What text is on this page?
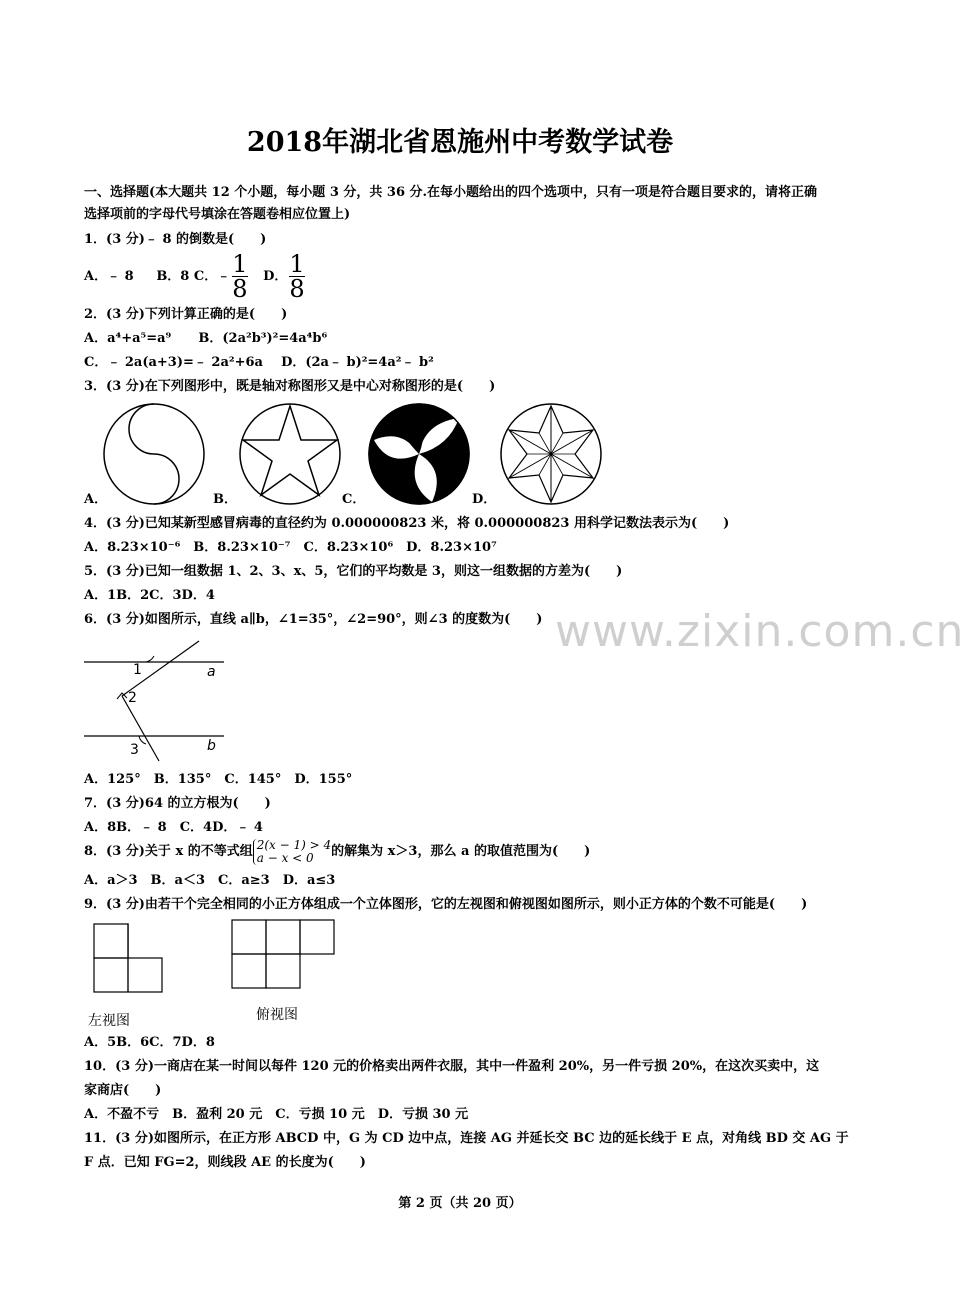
2018年湖北省恩施州中考数学试卷
一、选择题(本大题共 12 个小题，每小题 3 分，共 36 分.在每小题给出的四个选项中，只有一项是符合题目要求的，请将正确
选择项前的字母代号填涂在答题卷相应位置上)
1．(3 分)﹣ 8 的倒数是(　　)
A．﹣ 8 B．8 C．$﹣\frac{1}{8}$ D．$\frac{1}{8}$
2．(3 分)下列计算正确的是(　　)
A．a⁴+a⁵=a⁹ B．(2a²b³)²=4a⁴b⁶
C．﹣ 2a(a+3)=﹣ 2a²+6a D．(2a﹣ b)²=4a²﹣ b²
3．(3 分)在下列图形中，既是轴对称图形又是中心对称图形的是(　　)
A．	B．	C．	D．
4．(3 分)已知某新型感冒病毒的直径约为 0.000000823 米，将 0.000000823 用科学记数法表示为(　　)
A．8.23×10⁻⁶　B．8.23×10⁻⁷　C．8.23×10⁶　D．8.23×10⁷
5．(3 分)已知一组数据 1、2、3、x、5，它们的平均数是 3，则这一组数据的方差为(　　)
A．1B．2C．3D．4
6．(3 分)如图所示，直线 a∥b，∠1=35°，∠2=90°，则∠3 的度数为(　　)
1	a
2
3	b
A．125°　B．135°　C．145°　D．155°
www.zixin.com.cn
7．(3 分)64 的立方根为(　　)
A．8B．﹣ 8　C．4D．﹣ 4
8．(3 分)关于 x 的不等式组 2(x − 1) > 4
a − x < 0 的解集为 x＞3，那么 a 的取值范围为(　　)
A．a＞3　B．a＜3　C．a≥3　D．a≤3
9．(3 分)由若干个完全相同的小正方体组成一个立体图形，它的左视图和俯视图如图所示，则小正方体的个数不可能是(　　)
左视图	俯视图
A．5B．6C．7D．8
10．(3 分)一商店在某一时间以每件 120 元的价格卖出两件衣服，其中一件盈利 20%，另一件亏损 20%，在这次买卖中，这
家商店(　　)
A．不盈不亏　B．盈利 20 元　C．亏损 10 元　D．亏损 30 元
11．(3 分)如图所示，在正方形 ABCD 中，G 为 CD 边中点，连接 AG 并延长交 BC 边的延长线于 E 点，对角线 BD 交 AG 于
F 点．已知 FG=2，则线段 AE 的长度为(　　)
第 2 页（共 20 页）
